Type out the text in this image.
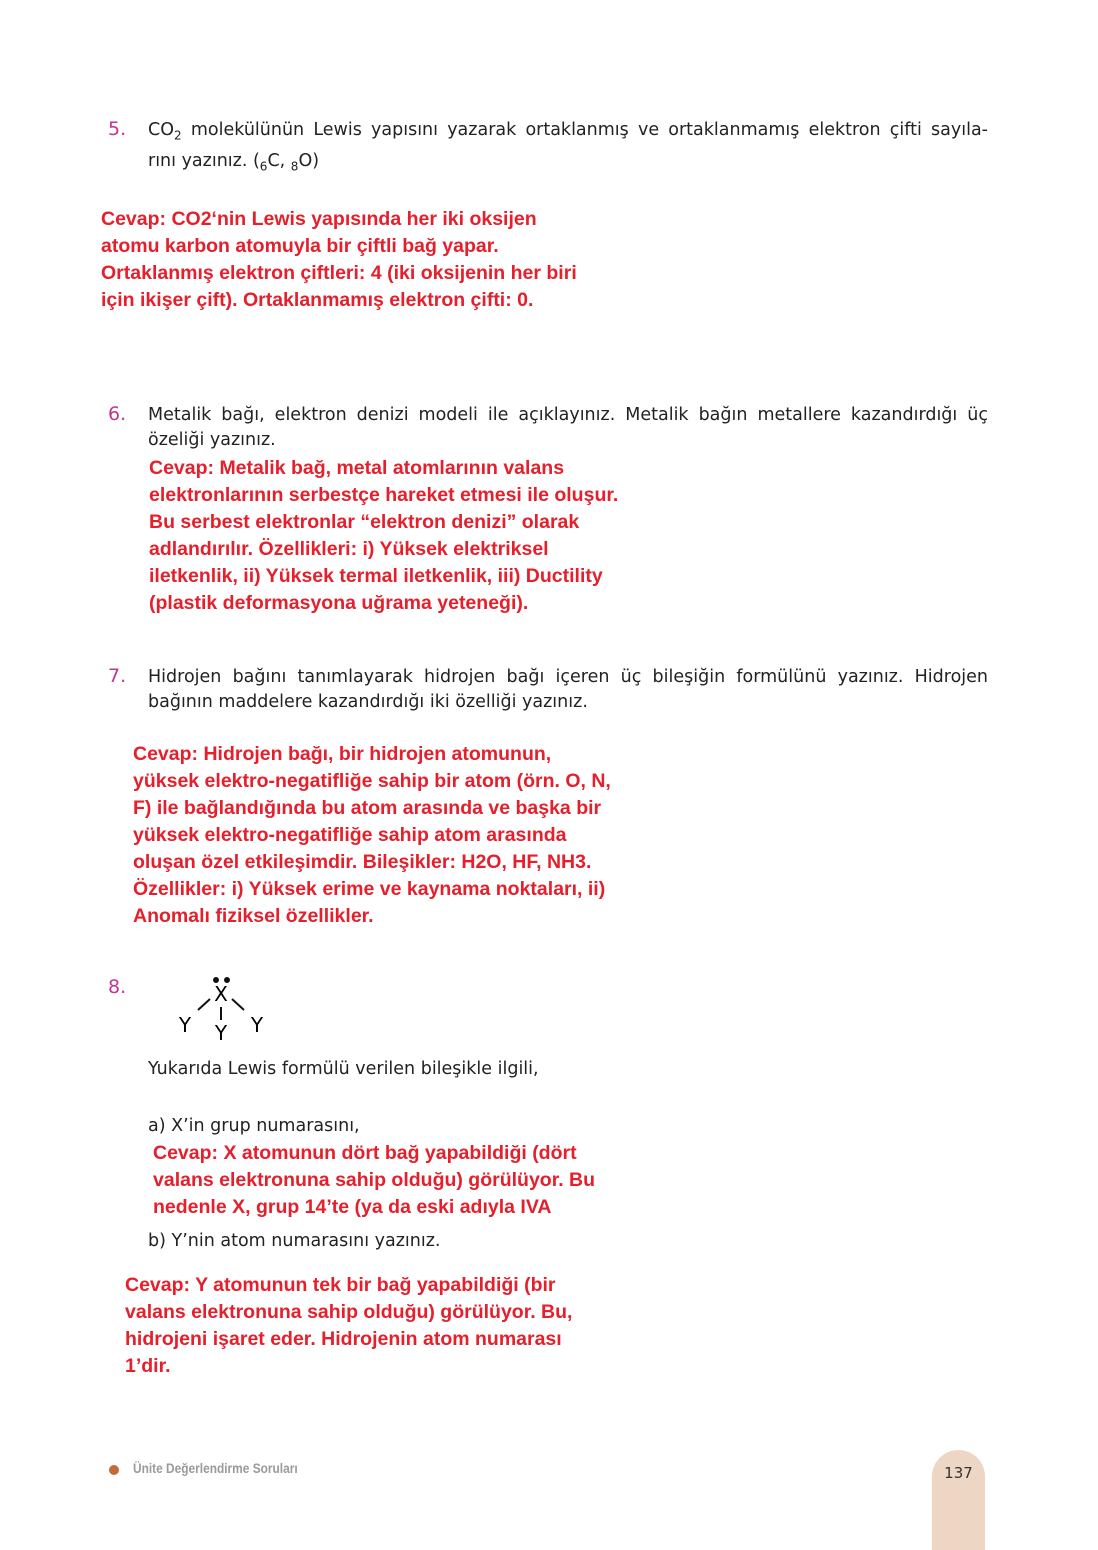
5. $CO_2$ molekülünün Lewis yapısını yazarak ortaklanmış ve ortaklanmamış elektron çifti sayıla-
rını yazınız. ($_6C$, $_8$O)
Cevap: CO2‘nin Lewis yapısında her iki oksijen
atomu karbon atomuyla bir çiftli bağ yapar.
Ortaklanmış elektron çiftleri: 4 (iki oksijenin her biri
için ikişer çift). Ortaklanmamış elektron çifti: 0.
6. Metalik bağı, elektron denizi modeli ile açıklayınız. Metalik bağın metallere kazandırdığı üç
özeliği yazınız.
Cevap: Metalik bağ, metal atomlarının valans
elektronlarının serbestçe hareket etmesi ile oluşur.
Bu serbest elektronlar “elektron denizi” olarak
adlandırılır. Özellikleri: i) Yüksek elektriksel
iletkenlik, ii) Yüksek termal iletkenlik, iii) Ductility
(plastik deformasyona uğrama yeteneği).
7. Hidrojen bağını tanımlayarak hidrojen bağı içeren üç bileşiğin formülünü yazınız. Hidrojen
bağının maddelere kazandırdığı iki özelliği yazınız.
Cevap: Hidrojen bağı, bir hidrojen atomunun,
yüksek elektro-negatifliğe sahip bir atom (örn. O, N,
F) ile bağlandığında bu atom arasında ve başka bir
yüksek elektro-negatifliğe sahip atom arasında
oluşan özel etkileşimdir. Bileşikler: H2O, HF, NH3.
Özellikler: i) Yüksek erime ve kaynama noktaları, ii)
Anomalı fiziksel özellikler.
8.	X
Y Y Y
Yukarıda Lewis formülü verilen bileşikle ilgili,
a) X’in grup numarasını,
Cevap: X atomunun dört bağ yapabildiği (dört
valans elektronuna sahip olduğu) görülüyor. Bu
nedenle X, grup 14’te (ya da eski adıyla IVA
b) Y’nin atom numarasını yazınız.
Cevap: Y atomunun tek bir bağ yapabildiği (bir
valans elektronuna sahip olduğu) görülüyor. Bu,
hidrojeni işaret eder. Hidrojenin atom numarası
1’dir.
Ünite Değerlendirme Soruları	137
